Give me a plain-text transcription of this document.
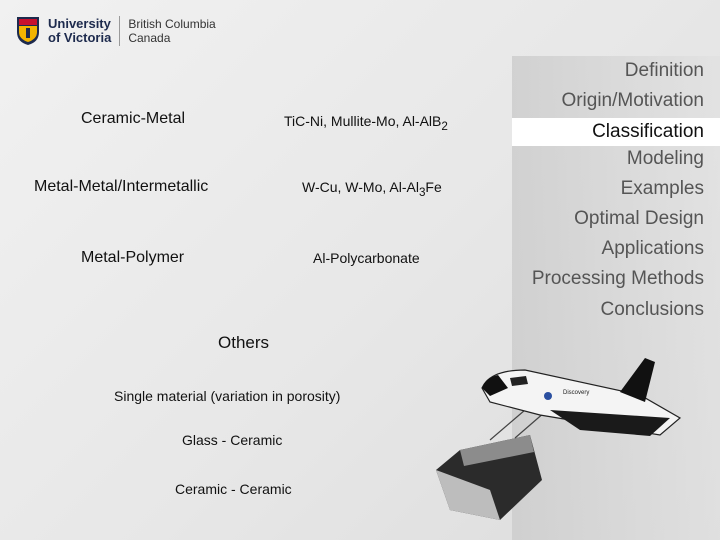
University
of Victoria
British Columbia
Canada
Definition
Origin/Motivation
Classification
Modeling
Examples
Optimal Design
Applications
Processing Methods
Conclusions
Ceramic-Metal	TiC-Ni, Mullite-Mo, Al-AlB$_2$
Metal-Metal/Intermetallic	W-Cu, W-Mo, $Al-Al_3Fe$
Metal-Polymer	Al-Polycarbonate
Others
Single material (variation in porosity)
Glass - Ceramic
Ceramic - Ceramic
Discovery
